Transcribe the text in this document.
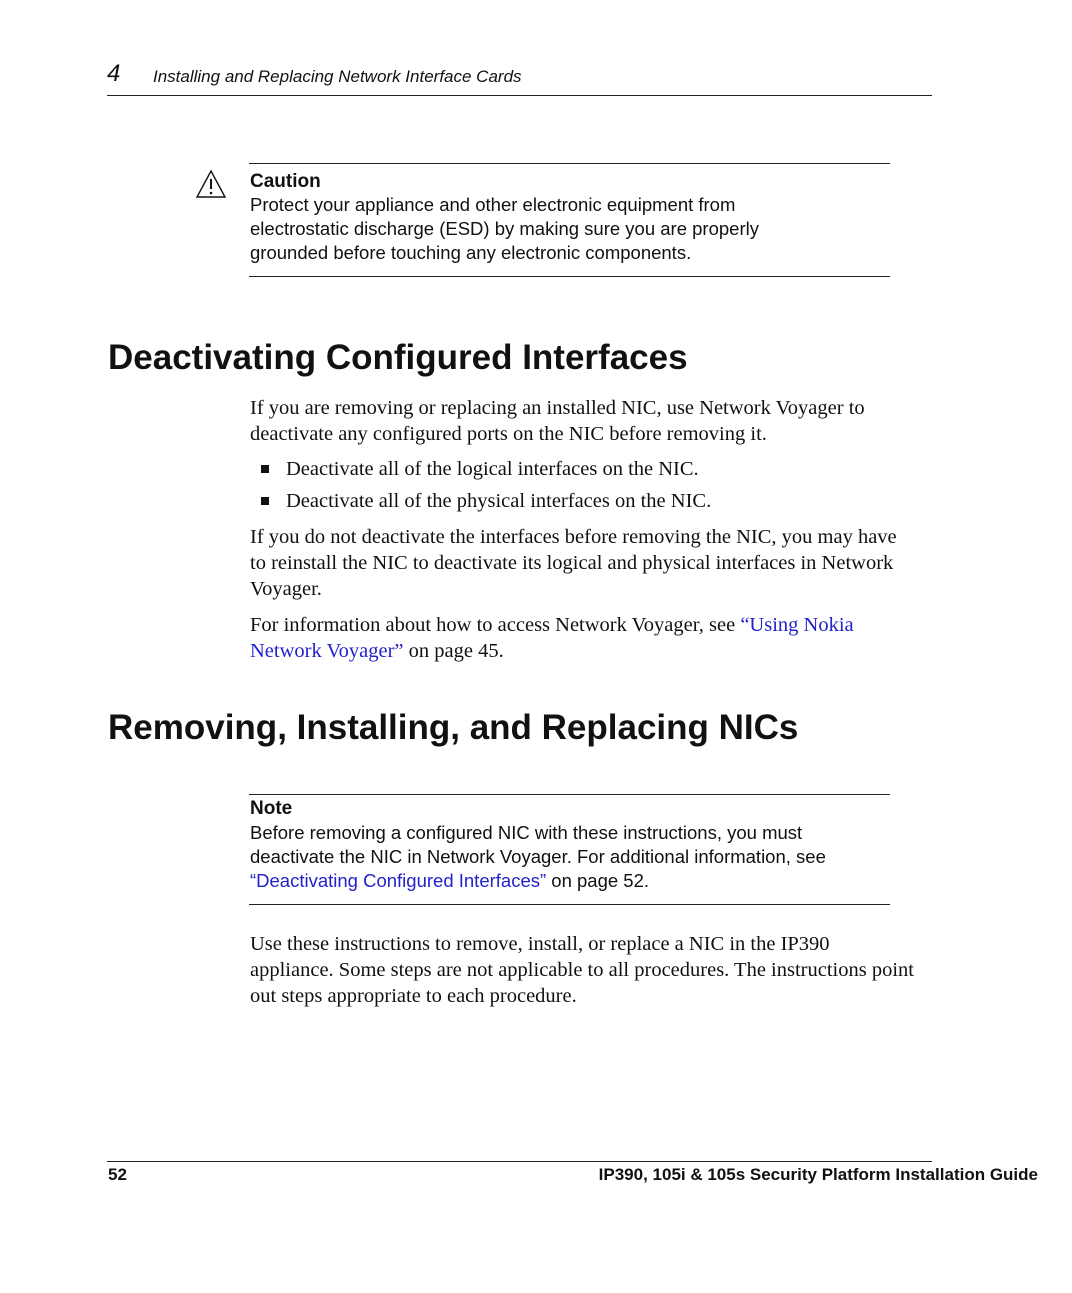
4 Installing and Replacing Network Interface Cards
Caution
Protect your appliance and other electronic equipment from
electrostatic discharge (ESD) by making sure you are properly
grounded before touching any electronic components.
Deactivating Configured Interfaces
If you are removing or replacing an installed NIC, use Network Voyager to deactivate any configured ports on the NIC before removing it.
Deactivate all of the logical interfaces on the NIC.
Deactivate all of the physical interfaces on the NIC.
If you do not deactivate the interfaces before removing the NIC, you may have to reinstall the NIC to deactivate its logical and physical interfaces in Network Voyager.
For information about how to access Network Voyager, see “Using Nokia Network Voyager” on page 45.
Removing, Installing, and Replacing NICs
Note
Before removing a configured NIC with these instructions, you must
deactivate the NIC in Network Voyager. For additional information, see
“Deactivating Configured Interfaces” on page 52.
Use these instructions to remove, install, or replace a NIC in the IP390 appliance. Some steps are not applicable to all procedures. The instructions point out steps appropriate to each procedure.
52	IP390, 105i & 105s Security Platform Installation Guide
